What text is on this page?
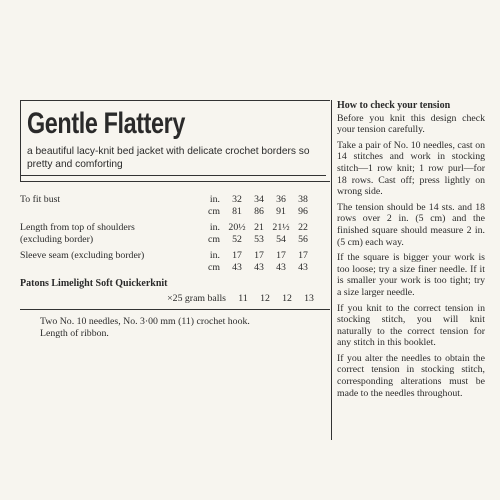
Gentle Flattery
a beautiful lacy-knit bed jacket with delicate crochet borders so pretty and comforting
To fit bust	in.	32	34	36	38
cm	81	86	91	96
Length from top of shoulders	in. 20½ 21 21½ 22
(excluding border)	cm	52	53	54	56
Sleeve seam (excluding border)	in.	17	17	17	17
cm	43	43	43	43
Patons Limelight Soft Quickerknit
×25 gram balls	11	12	12	13
Two No. 10 needles, No. 3·00 mm (11) crochet hook.
Length of ribbon.
How to check your tension

Before you knit this design check your tension carefully.

Take a pair of No. 10 needles, cast on 14 stitches and work in stocking stitch—1 row knit; 1 row purl—for 18 rows. Cast off; press lightly on wrong side.

The tension should be 14 sts. and 18 rows over 2 in. (5 cm) and the finished square should measure 2 in. (5 cm) each way.

If the square is bigger your work is too loose; try a size finer needle. If it is smaller your work is too tight; try a size larger needle.

If you knit to the correct tension in stocking stitch, you will knit naturally to the correct tension for any stitch in this booklet.

If you alter the needles to obtain the correct tension in stocking stitch, corresponding alterations must be made to the needles throughout.
